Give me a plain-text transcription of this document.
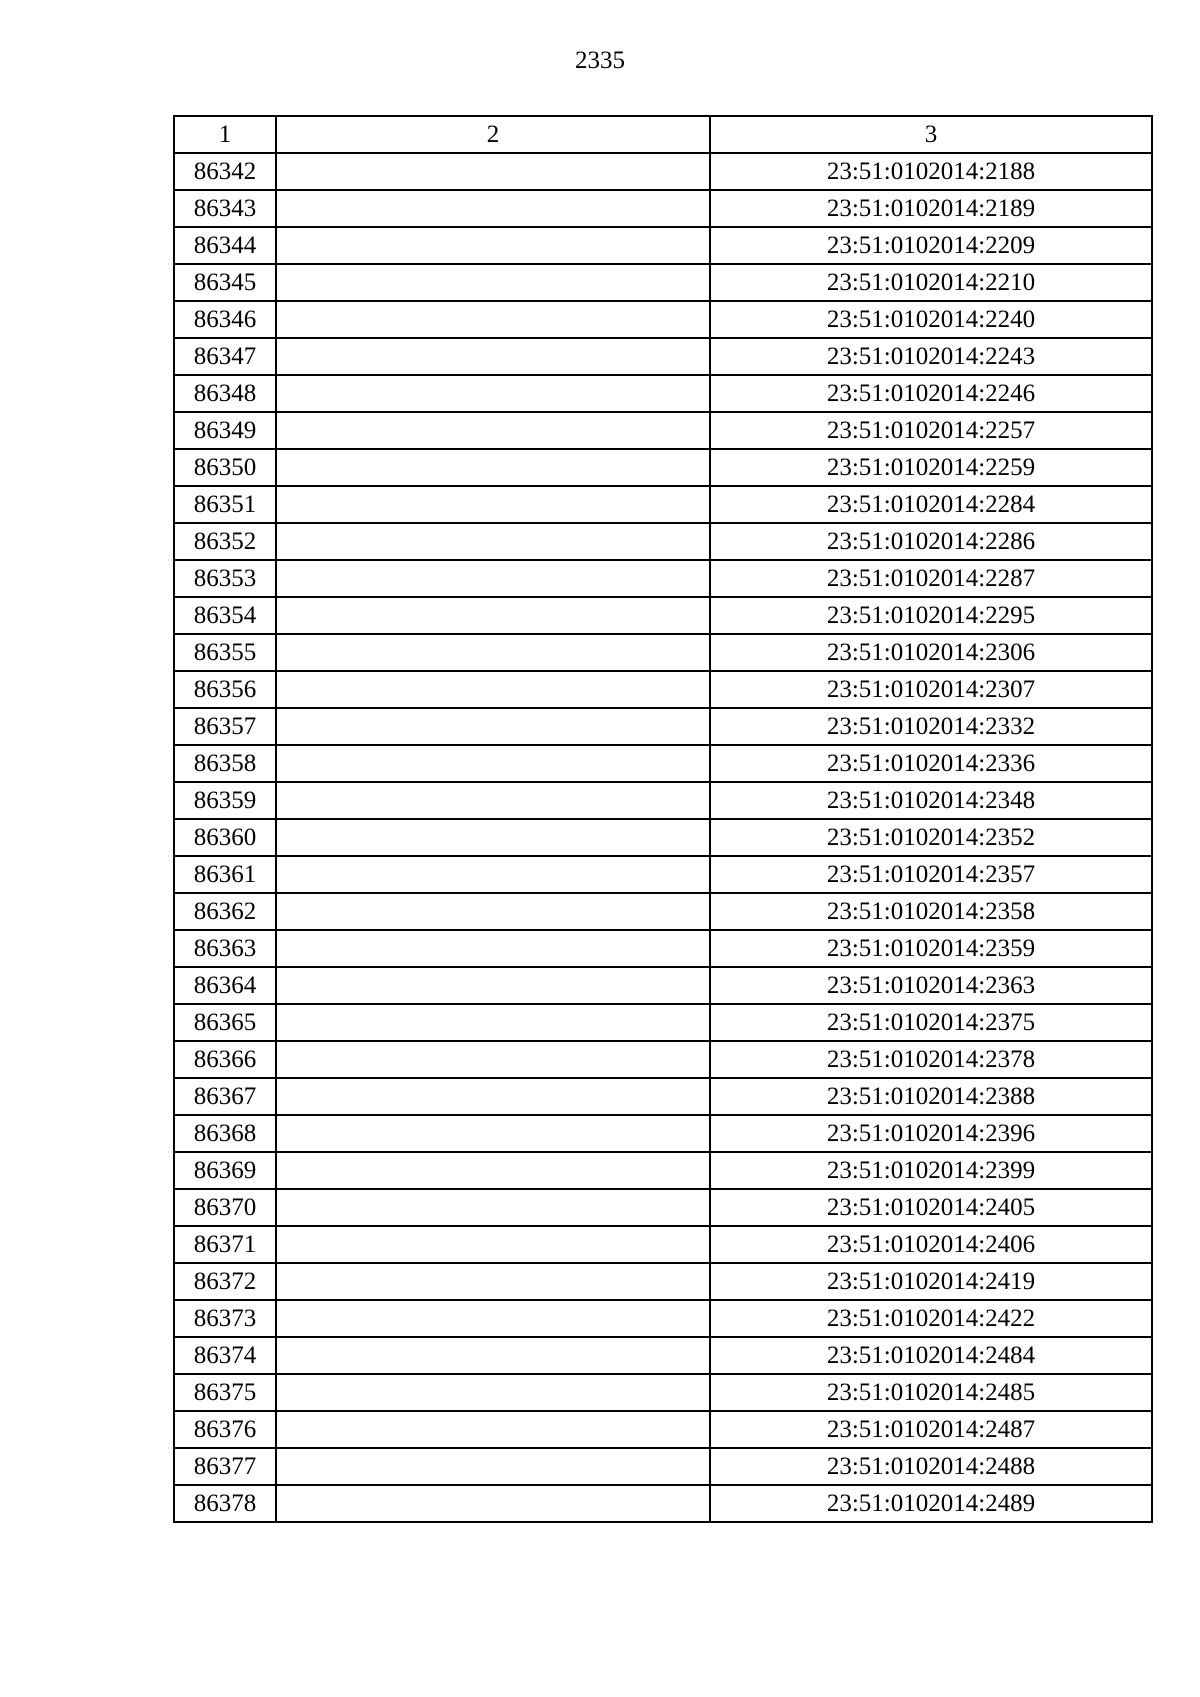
2335
1	2	3
86342		23:51:0102014:2188
86343		23:51:0102014:2189
86344		23:51:0102014:2209
86345		23:51:0102014:2210
86346		23:51:0102014:2240
86347		23:51:0102014:2243
86348		23:51:0102014:2246
86349		23:51:0102014:2257
86350		23:51:0102014:2259
86351		23:51:0102014:2284
86352		23:51:0102014:2286
86353		23:51:0102014:2287
86354		23:51:0102014:2295
86355		23:51:0102014:2306
86356		23:51:0102014:2307
86357		23:51:0102014:2332
86358		23:51:0102014:2336
86359		23:51:0102014:2348
86360		23:51:0102014:2352
86361		23:51:0102014:2357
86362		23:51:0102014:2358
86363		23:51:0102014:2359
86364		23:51:0102014:2363
86365		23:51:0102014:2375
86366		23:51:0102014:2378
86367		23:51:0102014:2388
86368		23:51:0102014:2396
86369		23:51:0102014:2399
86370		23:51:0102014:2405
86371		23:51:0102014:2406
86372		23:51:0102014:2419
86373		23:51:0102014:2422
86374		23:51:0102014:2484
86375		23:51:0102014:2485
86376		23:51:0102014:2487
86377		23:51:0102014:2488
86378		23:51:0102014:2489
